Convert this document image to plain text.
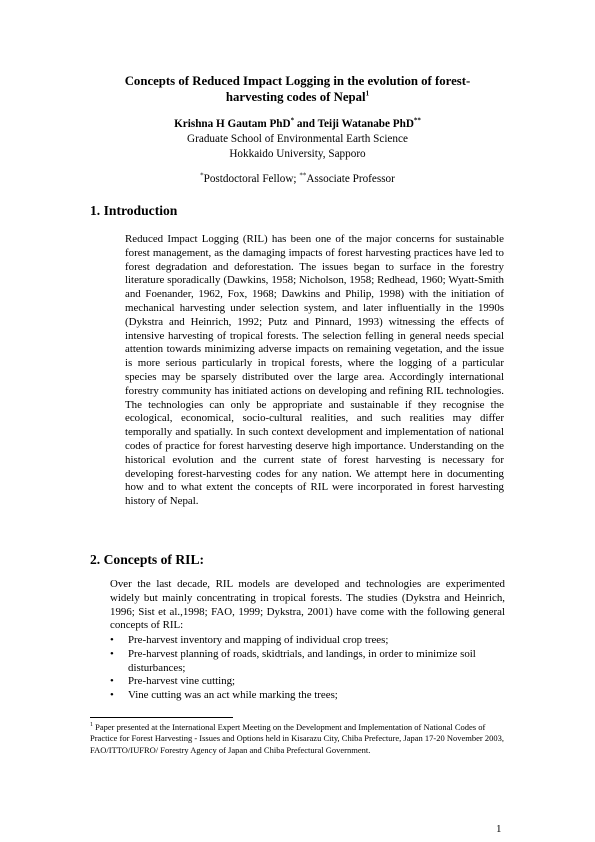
Concepts of Reduced Impact Logging in the evolution of forest-harvesting codes of Nepal$^1$
Krishna H Gautam PhD* and Teiji Watanabe PhD**
Graduate School of Environmental Earth Science
Hokkaido University, Sapporo
*Postdoctoral Fellow; **Associate Professor
1. Introduction

Reduced Impact Logging (RIL) has been one of the major concerns for sustainable forest management, as the damaging impacts of forest harvesting practices have led to forest degradation and deforestation. The issues began to surface in the forestry literature sporadically (Dawkins, 1958; Nicholson, 1958; Redhead, 1960; Wyatt-Smith and Foenander, 1962, Fox, 1968; Dawkins and Philip, 1998) with the initiation of mechanical harvesting under selection system, and later influentially in the 1990s (Dykstra and Heinrich, 1992; Putz and Pinnard, 1993) witnessing the effects of intensive harvesting of tropical forests. The selection felling in general needs special attention towards minimizing adverse impacts on remaining vegetation, and the issue is more serious particularly in tropical forests, where the logging of a particular species may be sparsely distributed over the large area. Accordingly international forestry community has initiated actions on developing and refining RIL technologies. The technologies can only be appropriate and sustainable if they recognise the ecological, economical, socio-cultural realities, and such realities may differ temporally and spatially. In such context development and implementation of national codes of practice for forest harvesting deserve high importance. Understanding on the historical evolution and the current state of forest harvesting is necessary for developing forest-harvesting codes for any nation. We attempt here in documenting how and to what extent the concepts of RIL were incorporated in forest harvesting history of Nepal.

2. Concepts of RIL:

Over the last decade, RIL models are developed and technologies are experimented widely but mainly concentrating in tropical forests. The studies (Dykstra and Heinrich, 1996; Sist et al.,1998; FAO, 1999; Dykstra, 2001) have come with the following general concepts of RIL:

• Pre-harvest inventory and mapping of individual crop trees;
• Pre-harvest planning of roads, skidtrials, and landings, in order to minimize soil disturbances;
• Pre-harvest vine cutting;
• Vine cutting was an act while marking the trees;

$^1$ Paper presented at the International Expert Meeting on the Development and Implementation of National Codes of Practice for Forest Harvesting - Issues and Options held in Kisarazu City, Chiba Prefecture, Japan 17-20 November 2003, FAO/ITTO/IUFRO/ Forestry Agency of Japan and Chiba Prefectural Government.

1
